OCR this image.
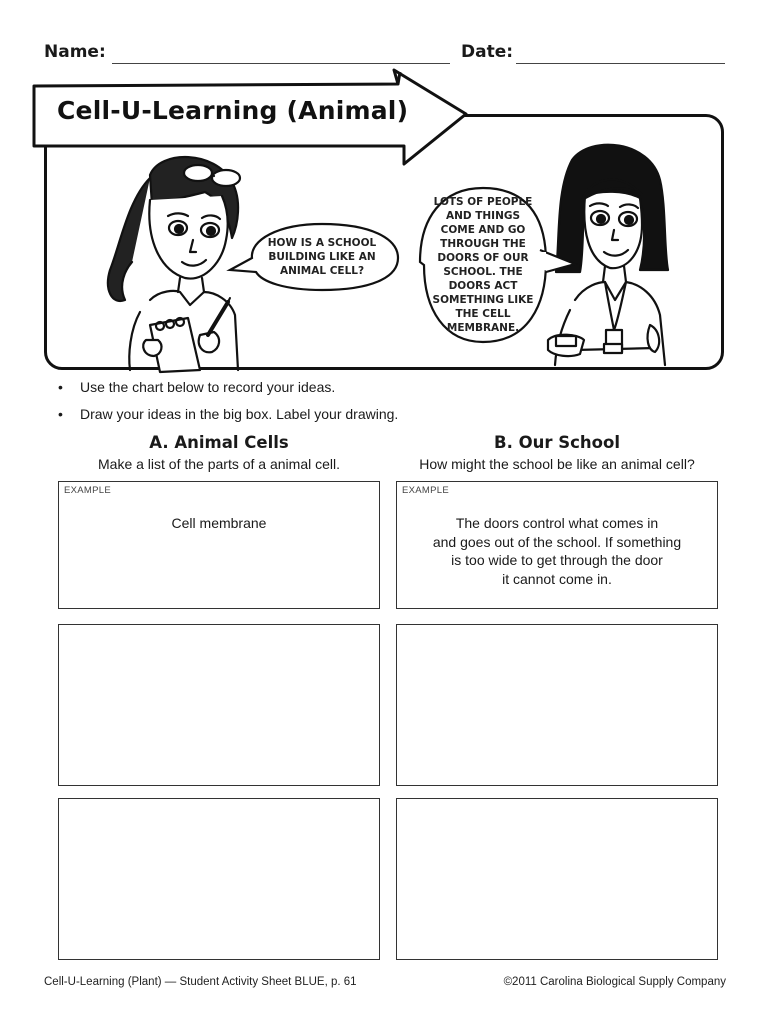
Name:	Date:
Cell-U-Learning (Animal)
HOW IS A SCHOOL BUILDING LIKE AN ANIMAL CELL?
LOTS OF PEOPLE AND THINGS COME AND GO THROUGH THE DOORS OF OUR SCHOOL. THE DOORS ACT SOMETHING LIKE THE CELL MEMBRANE.
• Use the chart below to record your ideas.
• Draw your ideas in the big box. Label your drawing.
A. Animal Cells
Make a list of the parts of a animal cell.
B. Our School
How might the school be like an animal cell?
EXAMPLE
Cell membrane
EXAMPLE
The doors control what comes in
and goes out of the school. If something
is too wide to get through the door
it cannot come in.
Cell-U-Learning (Plant) — Student Activity Sheet BLUE, p. 61	©2011 Carolina Biological Supply Company
